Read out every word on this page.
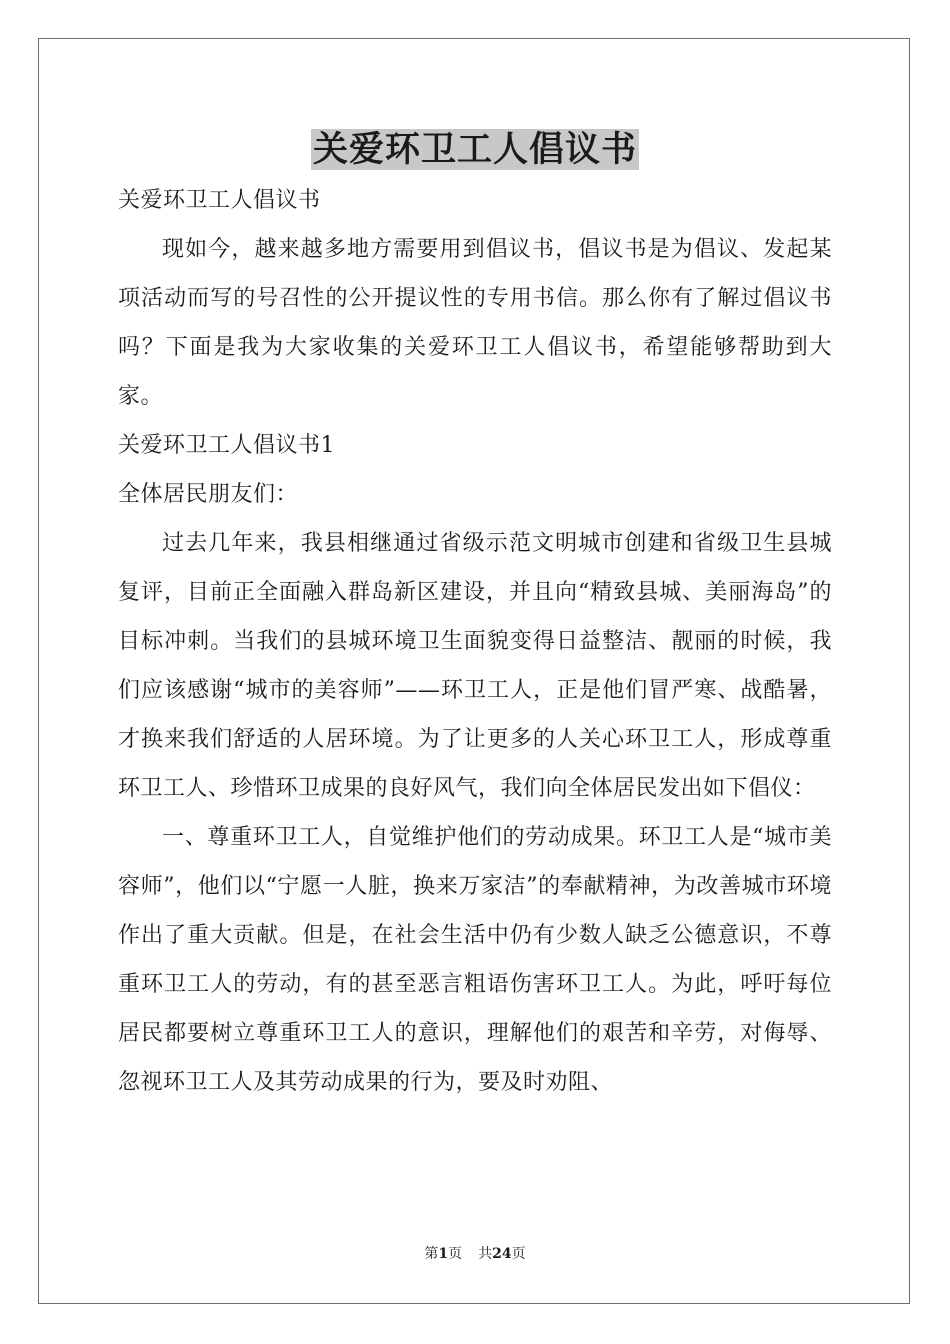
关爱环卫工人倡议书

关爱环卫工人倡议书

现如今，越来越多地方需要用到倡议书，倡议书是为倡议、发起某项活动而写的号召性的公开提议性的专用书信。那么你有了解过倡议书吗？下面是我为大家收集的关爱环卫工人倡议书，希望能够帮助到大家。

关爱环卫工人倡议书1

全体居民朋友们：

过去几年来，我县相继通过省级示范文明城市创建和省级卫生县城复评，目前正全面融入群岛新区建设，并且向“精致县城、美丽海岛”的目标冲刺。当我们的县城环境卫生面貌变得日益整洁、靓丽的时候，我们应该感谢“城市的美容师”——环卫工人，正是他们冒严寒、战酷暑，才换来我们舒适的人居环境。为了让更多的人关心环卫工人，形成尊重环卫工人、珍惜环卫成果的良好风气，我们向全体居民发出如下倡仪：

一、尊重环卫工人，自觉维护他们的劳动成果。环卫工人是“城市美容师”，他们以“宁愿一人脏，换来万家洁”的奉献精神，为改善城市环境作出了重大贡献。但是，在社会生活中仍有少数人缺乏公德意识，不尊重环卫工人的劳动，有的甚至恶言粗语伤害环卫工人。为此，呼吁每位居民都要树立尊重环卫工人的意识，理解他们的艰苦和辛劳，对侮辱、忽视环卫工人及其劳动成果的行为，要及时劝阻、

第1页 共24页
